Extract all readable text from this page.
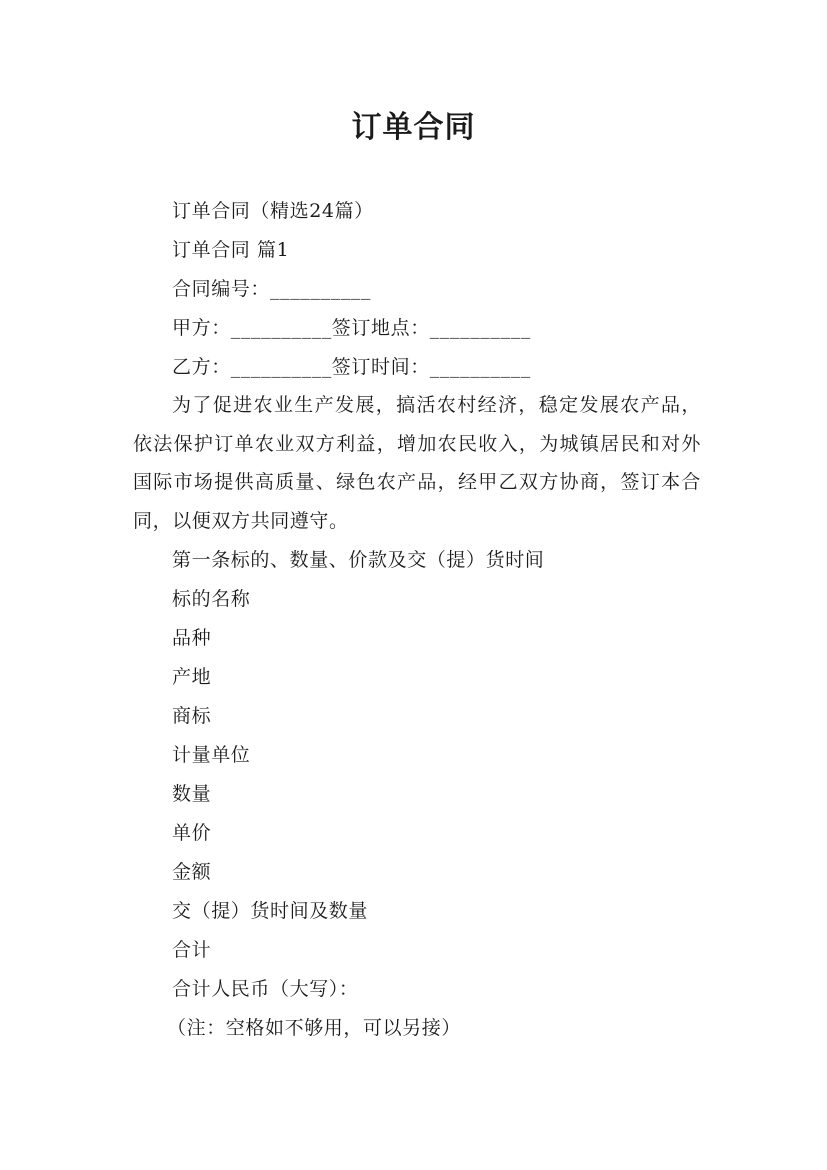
订单合同
订单合同（精选24篇）
订单合同 篇1
合同编号：__________
甲方：__________签订地点：__________
乙方：__________签订时间：__________
为了促进农业生产发展，搞活农村经济，稳定发展农产品，依法保护订单农业双方利益，增加农民收入，为城镇居民和对外国际市场提供高质量、绿色农产品，经甲乙双方协商，签订本合同，以便双方共同遵守。
第一条标的、数量、价款及交（提）货时间
标的名称
品种
产地
商标
计量单位
数量
单价
金额
交（提）货时间及数量
合计
合计人民币（大写）：
（注：空格如不够用，可以另接）
